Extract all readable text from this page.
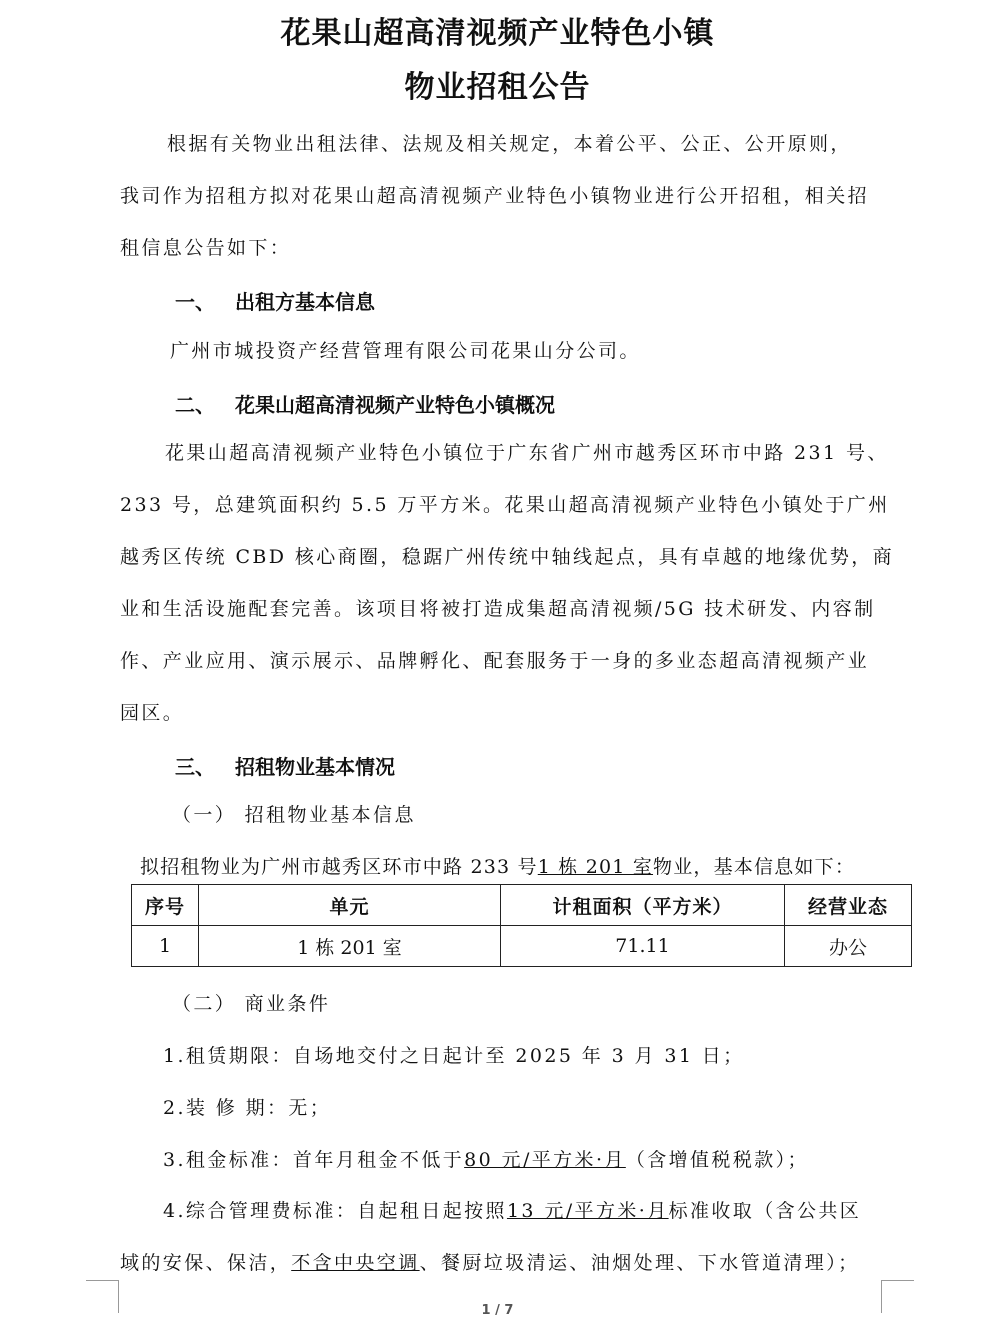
花果山超高清视频产业特色小镇
物业招租公告
根据有关物业出租法律、法规及相关规定，本着公平、公正、公开原则，
我司作为招租方拟对花果山超高清视频产业特色小镇物业进行公开招租，相关招
租信息公告如下：
一、 出租方基本信息
广州市城投资产经营管理有限公司花果山分公司。
二、 花果山超高清视频产业特色小镇概况
花果山超高清视频产业特色小镇位于广东省广州市越秀区环市中路 231 号、
233 号，总建筑面积约 5.5 万平方米。花果山超高清视频产业特色小镇处于广州
越秀区传统 CBD 核心商圈，稳踞广州传统中轴线起点，具有卓越的地缘优势，商
业和生活设施配套完善。该项目将被打造成集超高清视频/5G 技术研发、内容制
作、产业应用、演示展示、品牌孵化、配套服务于一身的多业态超高清视频产业
园区。
三、 招租物业基本情况
（一） 招租物业基本信息
拟招租物业为广州市越秀区环市中路 233 号1 栋 201 室物业，基本信息如下：
序号	单元	计租面积（平方米）	经营业态
1	1 栋 201 室	71.11	办公
（二） 商业条件
1.租赁期限：自场地交付之日起计至 2025 年 3 月 31 日；
2.装 修 期：无；
3.租金标准：首年月租金不低于80 元/平方米·月（含增值税税款）；
4.综合管理费标准：自起租日起按照13 元/平方米·月标准收取（含公共区
域的安保、保洁，不含中央空调、餐厨垃圾清运、油烟处理、下水管道清理）；
1 / 7
